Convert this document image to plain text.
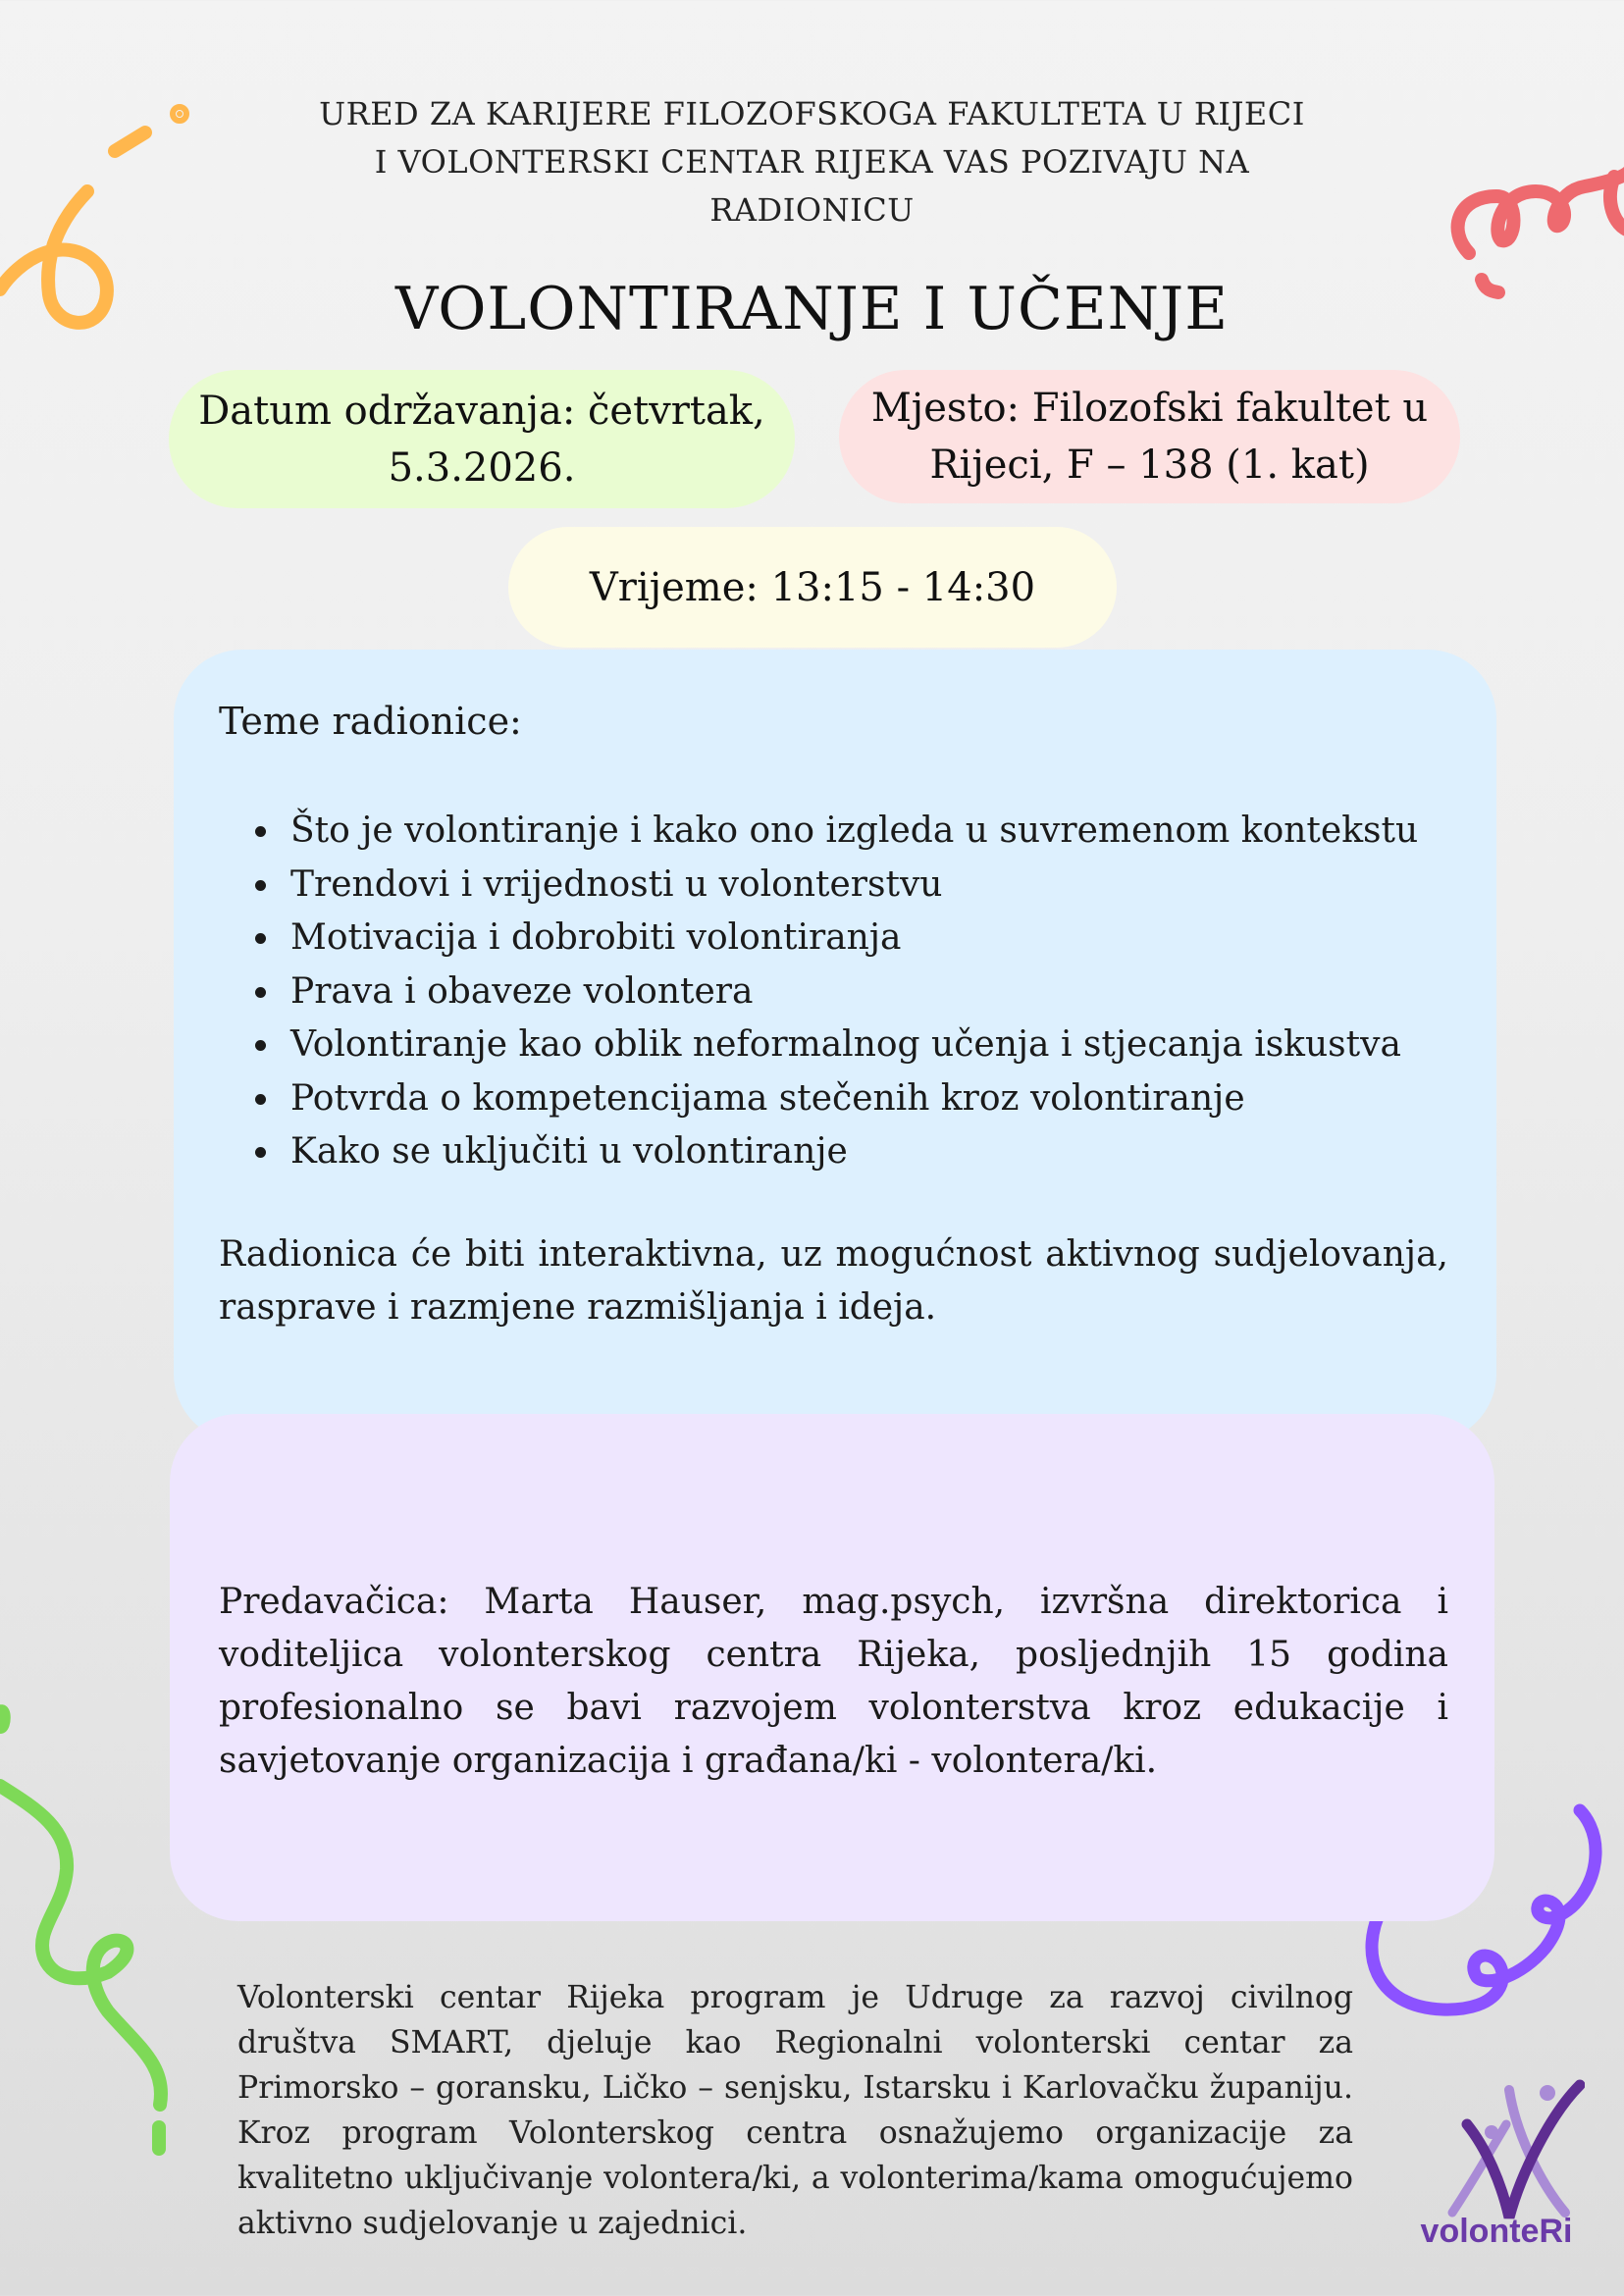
URED ZA KARIJERE FILOZOFSKOGA FAKULTETA U RIJECI
I VOLONTERSKI CENTAR RIJEKA VAS POZIVAJU NA
RADIONICU
VOLONTIRANJE I UČENJE
Datum održavanja: četvrtak,
5.3.2026.
Mjesto: Filozofski fakultet u
Rijeci, F – 138 (1. kat)
Vrijeme: 13:15 - 14:30
Teme radionice:
• Što je volontiranje i kako ono izgleda u suvremenom kontekstu
• Trendovi i vrijednosti u volonterstvu
• Motivacija i dobrobiti volontiranja
• Prava i obaveze volontera
• Volontiranje kao oblik neformalnog učenja i stjecanja iskustva
• Potvrda o kompetencijama stečenih kroz volontiranje
• Kako se uključiti u volontiranje
Radionica će biti interaktivna, uz mogućnost aktivnog sudjelovanja, rasprave i razmjene razmišljanja i ideja.
Predavačica: Marta Hauser, mag.psych, izvršna direktorica i voditeljica volonterskog centra Rijeka, posljednjih 15 godina profesionalno se bavi razvojem volonterstva kroz edukacije i savjetovanje organizacija i građana/ki - volontera/ki.
Volonterski centar Rijeka program je Udruge za razvoj civilnog društva SMART, djeluje kao Regionalni volonterski centar za Primorsko – goransku, Ličko – senjsku, Istarsku i Karlovačku županiju. Kroz program Volonterskog centra osnažujemo organizacije za kvalitetno uključivanje volontera/ki, a volonterima/kama omogućujemo aktivno sudjelovanje u zajednici.	volonteRi
